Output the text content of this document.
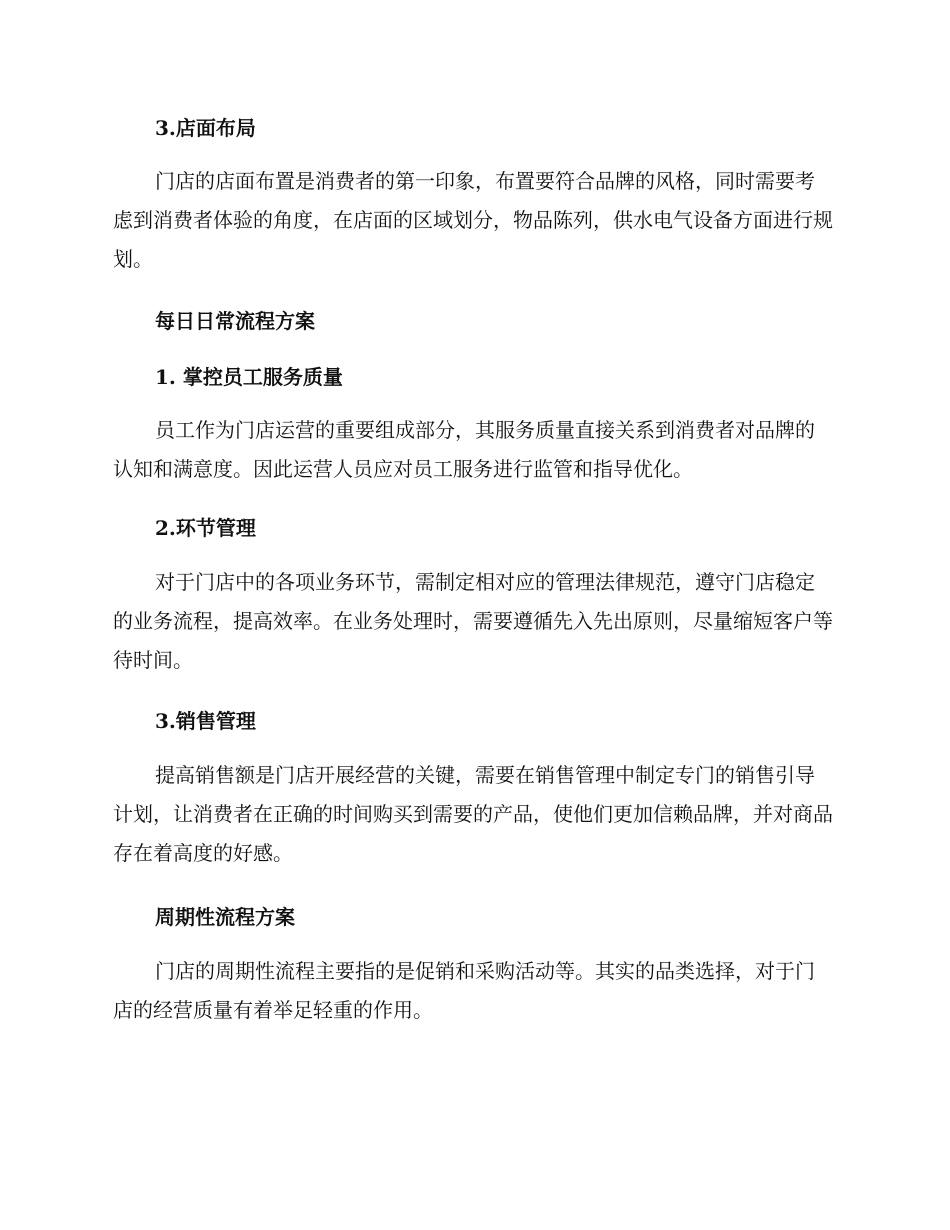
3.店面布局

门店的店面布置是消费者的第一印象，布置要符合品牌的风格，同时需要考虑到消费者体验的角度，在店面的区域划分，物品陈列，供水电气设备方面进行规划。

每日日常流程方案
1. 掌控员工服务质量

员工作为门店运营的重要组成部分，其服务质量直接关系到消费者对品牌的认知和满意度。因此运营人员应对员工服务进行监管和指导优化。

2.环节管理

对于门店中的各项业务环节，需制定相对应的管理法律规范，遵守门店稳定的业务流程，提高效率。在业务处理时，需要遵循先入先出原则，尽量缩短客户等待时间。

3.销售管理

提高销售额是门店开展经营的关键，需要在销售管理中制定专门的销售引导计划，让消费者在正确的时间购买到需要的产品，使他们更加信赖品牌，并对商品存在着高度的好感。

周期性流程方案

门店的周期性流程主要指的是促销和采购活动等。其实的品类选择，对于门店的经营质量有着举足轻重的作用。
